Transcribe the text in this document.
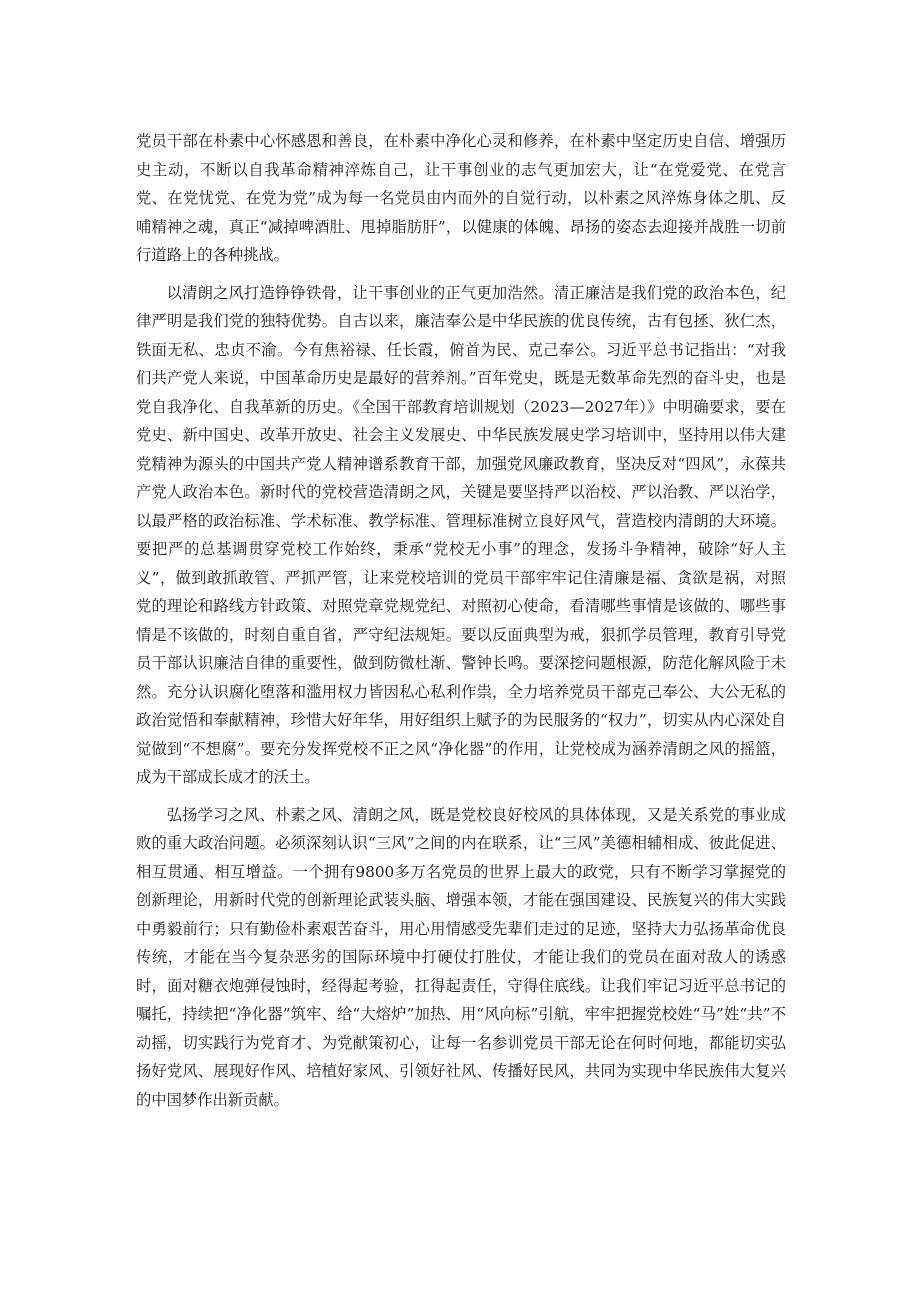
党员干部在朴素中心怀感恩和善良，在朴素中净化心灵和修养，在朴素中坚定历史自信、增强历史主动，不断以自我革命精神淬炼自己，让干事创业的志气更加宏大，让“在党爱党、在党言党、在党忧党、在党为党”成为每一名党员由内而外的自觉行动，以朴素之风淬炼身体之肌、反哺精神之魂，真正“减掉啤酒肚、甩掉脂肪肝”，以健康的体魄、昂扬的姿态去迎接并战胜一切前行道路上的各种挑战。

以清朗之风打造铮铮铁骨，让干事创业的正气更加浩然。清正廉洁是我们党的政治本色，纪律严明是我们党的独特优势。自古以来，廉洁奉公是中华民族的优良传统，古有包拯、狄仁杰，铁面无私、忠贞不渝。今有焦裕禄、任长霞，俯首为民、克己奉公。习近平总书记指出：“对我们共产党人来说，中国革命历史是最好的营养剂。”百年党史，既是无数革命先烈的奋斗史，也是党自我净化、自我革新的历史。《全国干部教育培训规划（2023—2027年）》中明确要求，要在党史、新中国史、改革开放史、社会主义发展史、中华民族发展史学习培训中，坚持用以伟大建党精神为源头的中国共产党人精神谱系教育干部，加强党风廉政教育，坚决反对“四风”，永葆共产党人政治本色。新时代的党校营造清朗之风，关键是要坚持严以治校、严以治教、严以治学，以最严格的政治标准、学术标准、教学标准、管理标准树立良好风气，营造校内清朗的大环境。要把严的总基调贯穿党校工作始终，秉承“党校无小事”的理念，发扬斗争精神，破除“好人主义”，做到敢抓敢管、严抓严管，让来党校培训的党员干部牢牢记住清廉是福、贪欲是祸，对照党的理论和路线方针政策、对照党章党规党纪、对照初心使命，看清哪些事情是该做的、哪些事情是不该做的，时刻自重自省，严守纪法规矩。要以反面典型为戒，狠抓学员管理，教育引导党员干部认识廉洁自律的重要性，做到防微杜渐、警钟长鸣。要深挖问题根源，防范化解风险于未然。充分认识腐化堕落和滥用权力皆因私心私利作祟，全力培养党员干部克己奉公、大公无私的政治觉悟和奉献精神，珍惜大好年华，用好组织上赋予的为民服务的“权力”，切实从内心深处自觉做到“不想腐”。要充分发挥党校不正之风“净化器”的作用，让党校成为涵养清朗之风的摇篮，成为干部成长成才的沃土。

弘扬学习之风、朴素之风、清朗之风，既是党校良好校风的具体体现，又是关系党的事业成败的重大政治问题。必须深刻认识“三风”之间的内在联系，让“三风”美德相辅相成、彼此促进、相互贯通、相互增益。一个拥有9800多万名党员的世界上最大的政党，只有不断学习掌握党的创新理论，用新时代党的创新理论武装头脑、增强本领，才能在强国建设、民族复兴的伟大实践中勇毅前行；只有勤俭朴素艰苦奋斗，用心用情感受先辈们走过的足迹，坚持大力弘扬革命优良传统，才能在当今复杂恶劣的国际环境中打硬仗打胜仗，才能让我们的党员在面对敌人的诱惑时，面对糖衣炮弹侵蚀时，经得起考验，扛得起责任，守得住底线。让我们牢记习近平总书记的嘱托，持续把“净化器”筑牢、给“大熔炉”加热、用“风向标”引航，牢牢把握党校姓“马”姓“共”不动摇，切实践行为党育才、为党献策初心，让每一名参训党员干部无论在何时何地，都能切实弘扬好党风、展现好作风、培植好家风、引领好社风、传播好民风，共同为实现中华民族伟大复兴的中国梦作出新贡献。
